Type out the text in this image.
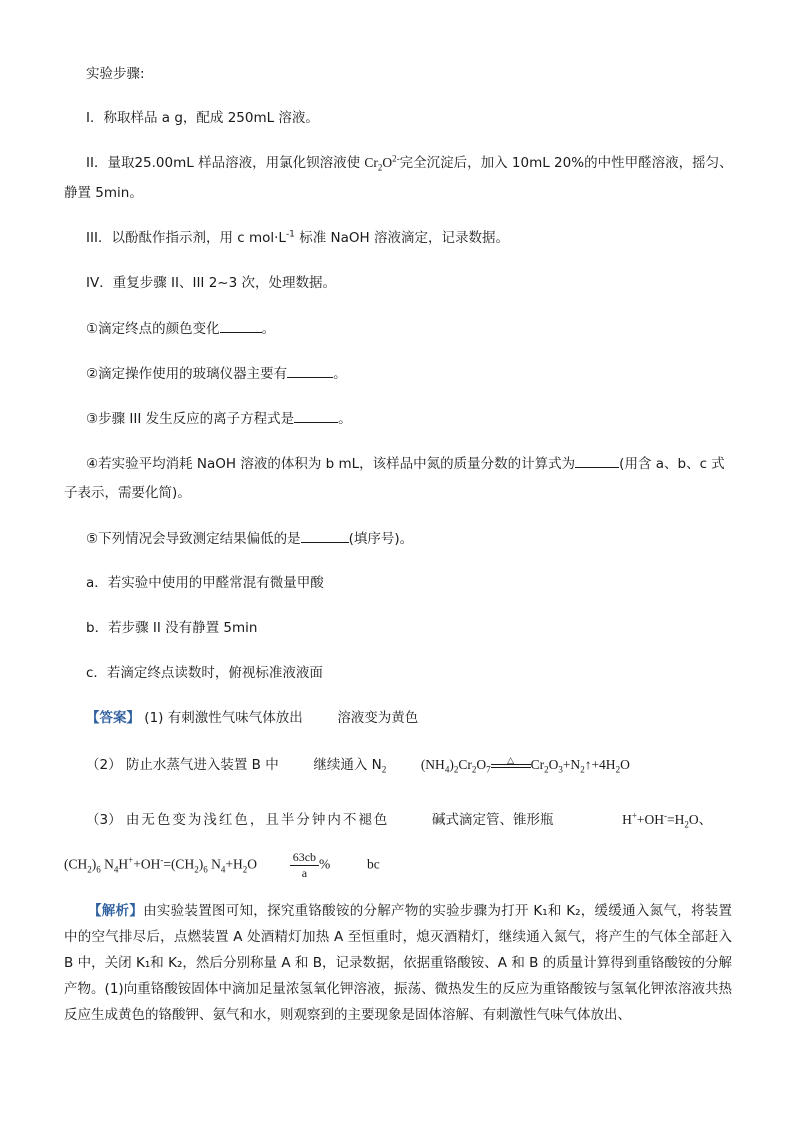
实验步骤:
I．称取样品 a g，配成 250mL 溶液。
II．量取25.00mL 样品溶液，用氯化钡溶液使 $Cr_2O^{2-}$完全沉淀后，加入 10mL 20%的中性甲醛溶液，摇匀、
静置 5min。
III．以酚酞作指示剂，用 c $mol\cdot L^{-1}$ 标准 NaOH 溶液滴定，记录数据。
IV．重复步骤 II、III 2~3 次，处理数据。
①滴定终点的颜色变化	。
②滴定操作使用的玻璃仪器主要有	。
③步骤 III 发生反应的离子方程式是	。
④若实验平均消耗 NaOH 溶液的体积为 b mL，该样品中氮的质量分数的计算式为	(用含 a、b、c 式
子表示，需要化简)。
⑤下列情况会导致测定结果偏低的是	(填序号)。
a．若实验中使用的甲醛常混有微量甲酸
b．若步骤 II 没有静置 5min
c．若滴定终点读数时，俯视标准液液面
【答案】 (1) 有刺激性气味气体放出	溶液变为黄色
（2） 防止水蒸气进入装置 B 中	继续通入 $N_2$	$(NH_4)_2Cr_2O_7$
△	$Cr_2O_3+N_2↑+4H_2O$
（3） 由无色变为浅红色，且半分钟内不褪色	碱式滴定管、锥形瓶	$H^++OH^-=H_2O$、
$(CH_2)_6$ $N_4H^++OH^-=(CH_2)_6$ $N_4+H_2O$	$\frac{63cb}{a}$ %	bc
【解析】由实验装置图可知，探究重铬酸铵的分解产物的实验步骤为打开 K₁和 K₂，缓缓通入氮气，将装置中的空气排尽后，点燃装置 A 处酒精灯加热 A 至恒重时，熄灭酒精灯，继续通入氮气，将产生的气体全部赶入 B 中，关闭 K₁和 K₂，然后分别称量 A 和 B，记录数据，依据重铬酸铵、A 和 B 的质量计算得到重铬酸铵的分解产物。(1)向重铬酸铵固体中滴加足量浓氢氧化钾溶液，振荡、微热发生的反应为重铬酸铵与氢氧化钾浓溶液共热反应生成黄色的铬酸钾、氨气和水，则观察到的主要现象是固体溶解、有刺激性气味气体放出、
